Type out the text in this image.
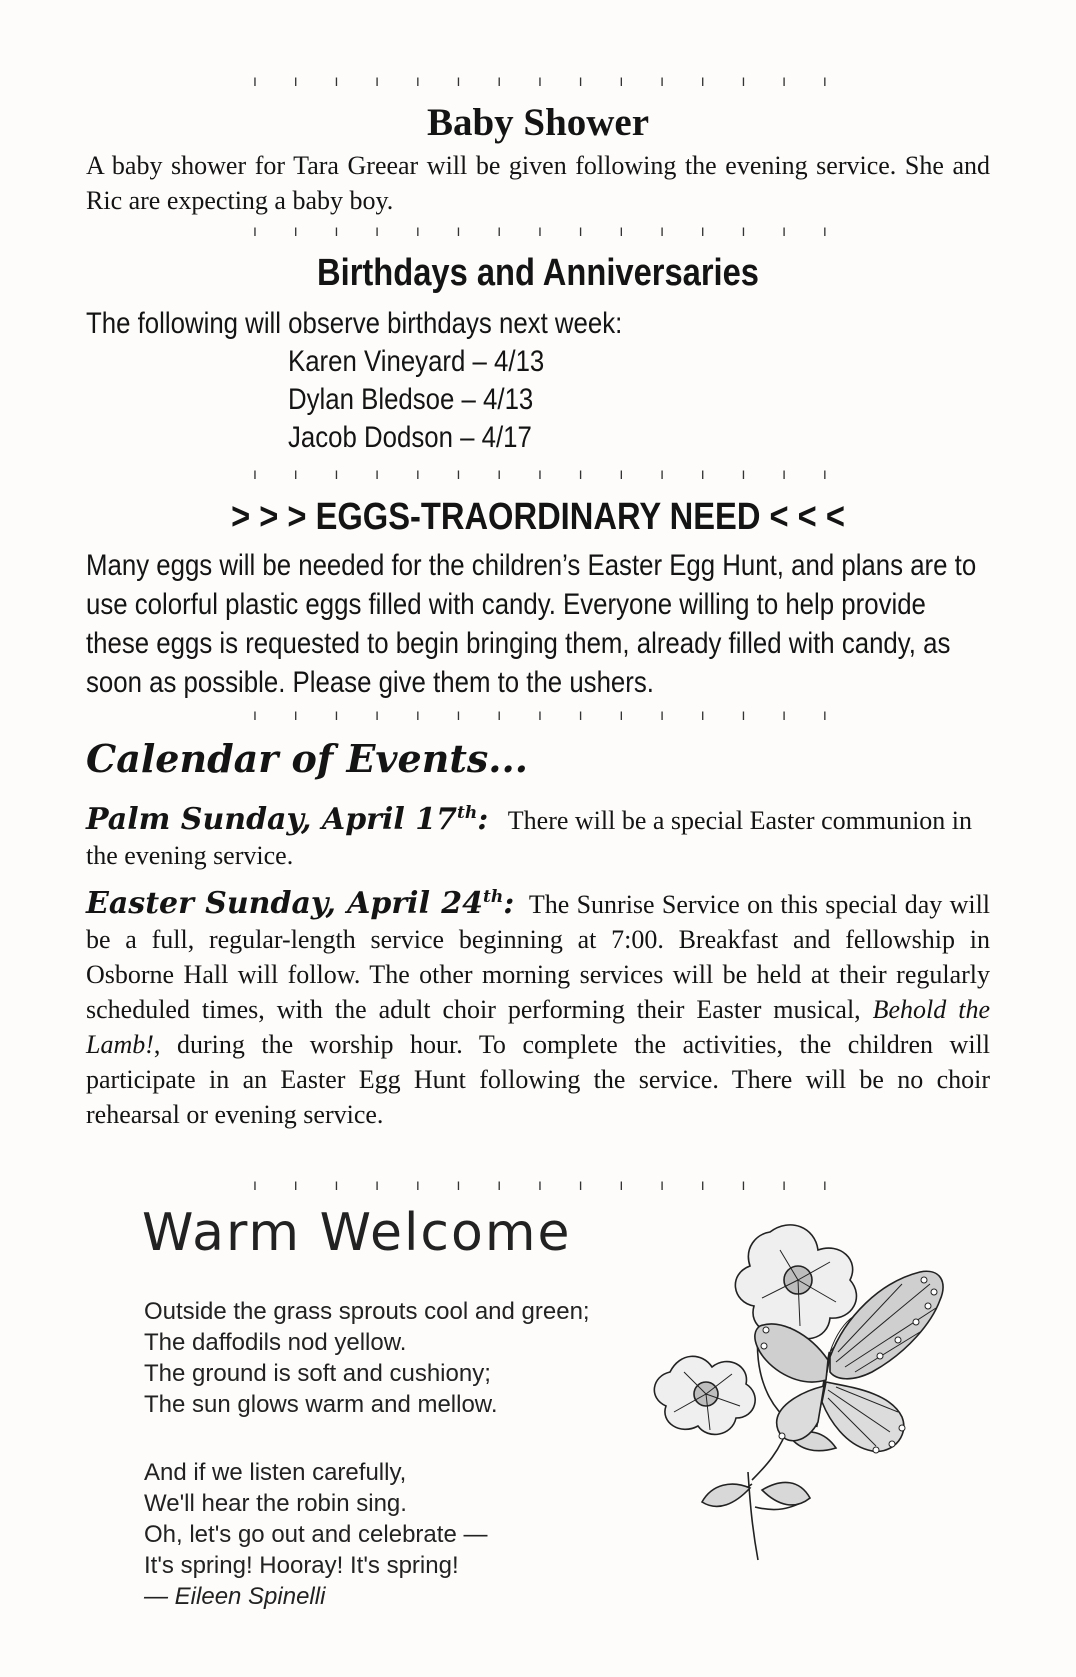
ı ı ı ı ı ı ı ı ı ı ı ı ı ı ı
Baby Shower

A baby shower for Tara Greear will be given following the evening service. She and Ric are expecting a baby boy.

ı ı ı ı ı ı ı ı ı ı ı ı ı ı ı
Birthdays and Anniversaries
The following will observe birthdays next week:
Karen Vineyard – 4/13
Dylan Bledsoe – 4/13
Jacob Dodson – 4/17
ı ı ı ı ı ı ı ı ı ı ı ı ı ı ı
> > > EGGS-TRAORDINARY NEED < < <

Many eggs will be needed for the children’s Easter Egg Hunt, and plans are to use colorful plastic eggs filled with candy. Everyone willing to help provide these eggs is requested to begin bringing them, already filled with candy, as soon as possible. Please give them to the ushers.

ı ı ı ı ı ı ı ı ı ı ı ı ı ı ı
Calendar of Events...

Palm Sunday, April 17th: There will be a special Easter communion in the evening service.

Easter Sunday, April 24th: The Sunrise Service on this special day will be a full, regular-length service beginning at 7:00. Breakfast and fellowship in Osborne Hall will follow. The other morning services will be held at their regularly scheduled times, with the adult choir performing their Easter musical, Behold the Lamb!, during the worship hour. To complete the activities, the children will participate in an Easter Egg Hunt following the service. There will be no choir rehearsal or evening service.

ı ı ı ı ı ı ı ı ı ı ı ı ı ı ı
Warm Welcome
Outside the grass sprouts cool and green;
The daffodils nod yellow.
The ground is soft and cushiony;
The sun glows warm and mellow.
And if we listen carefully,
We'll hear the robin sing.
Oh, let's go out and celebrate —
It's spring! Hooray! It's spring!
— Eileen Spinelli
